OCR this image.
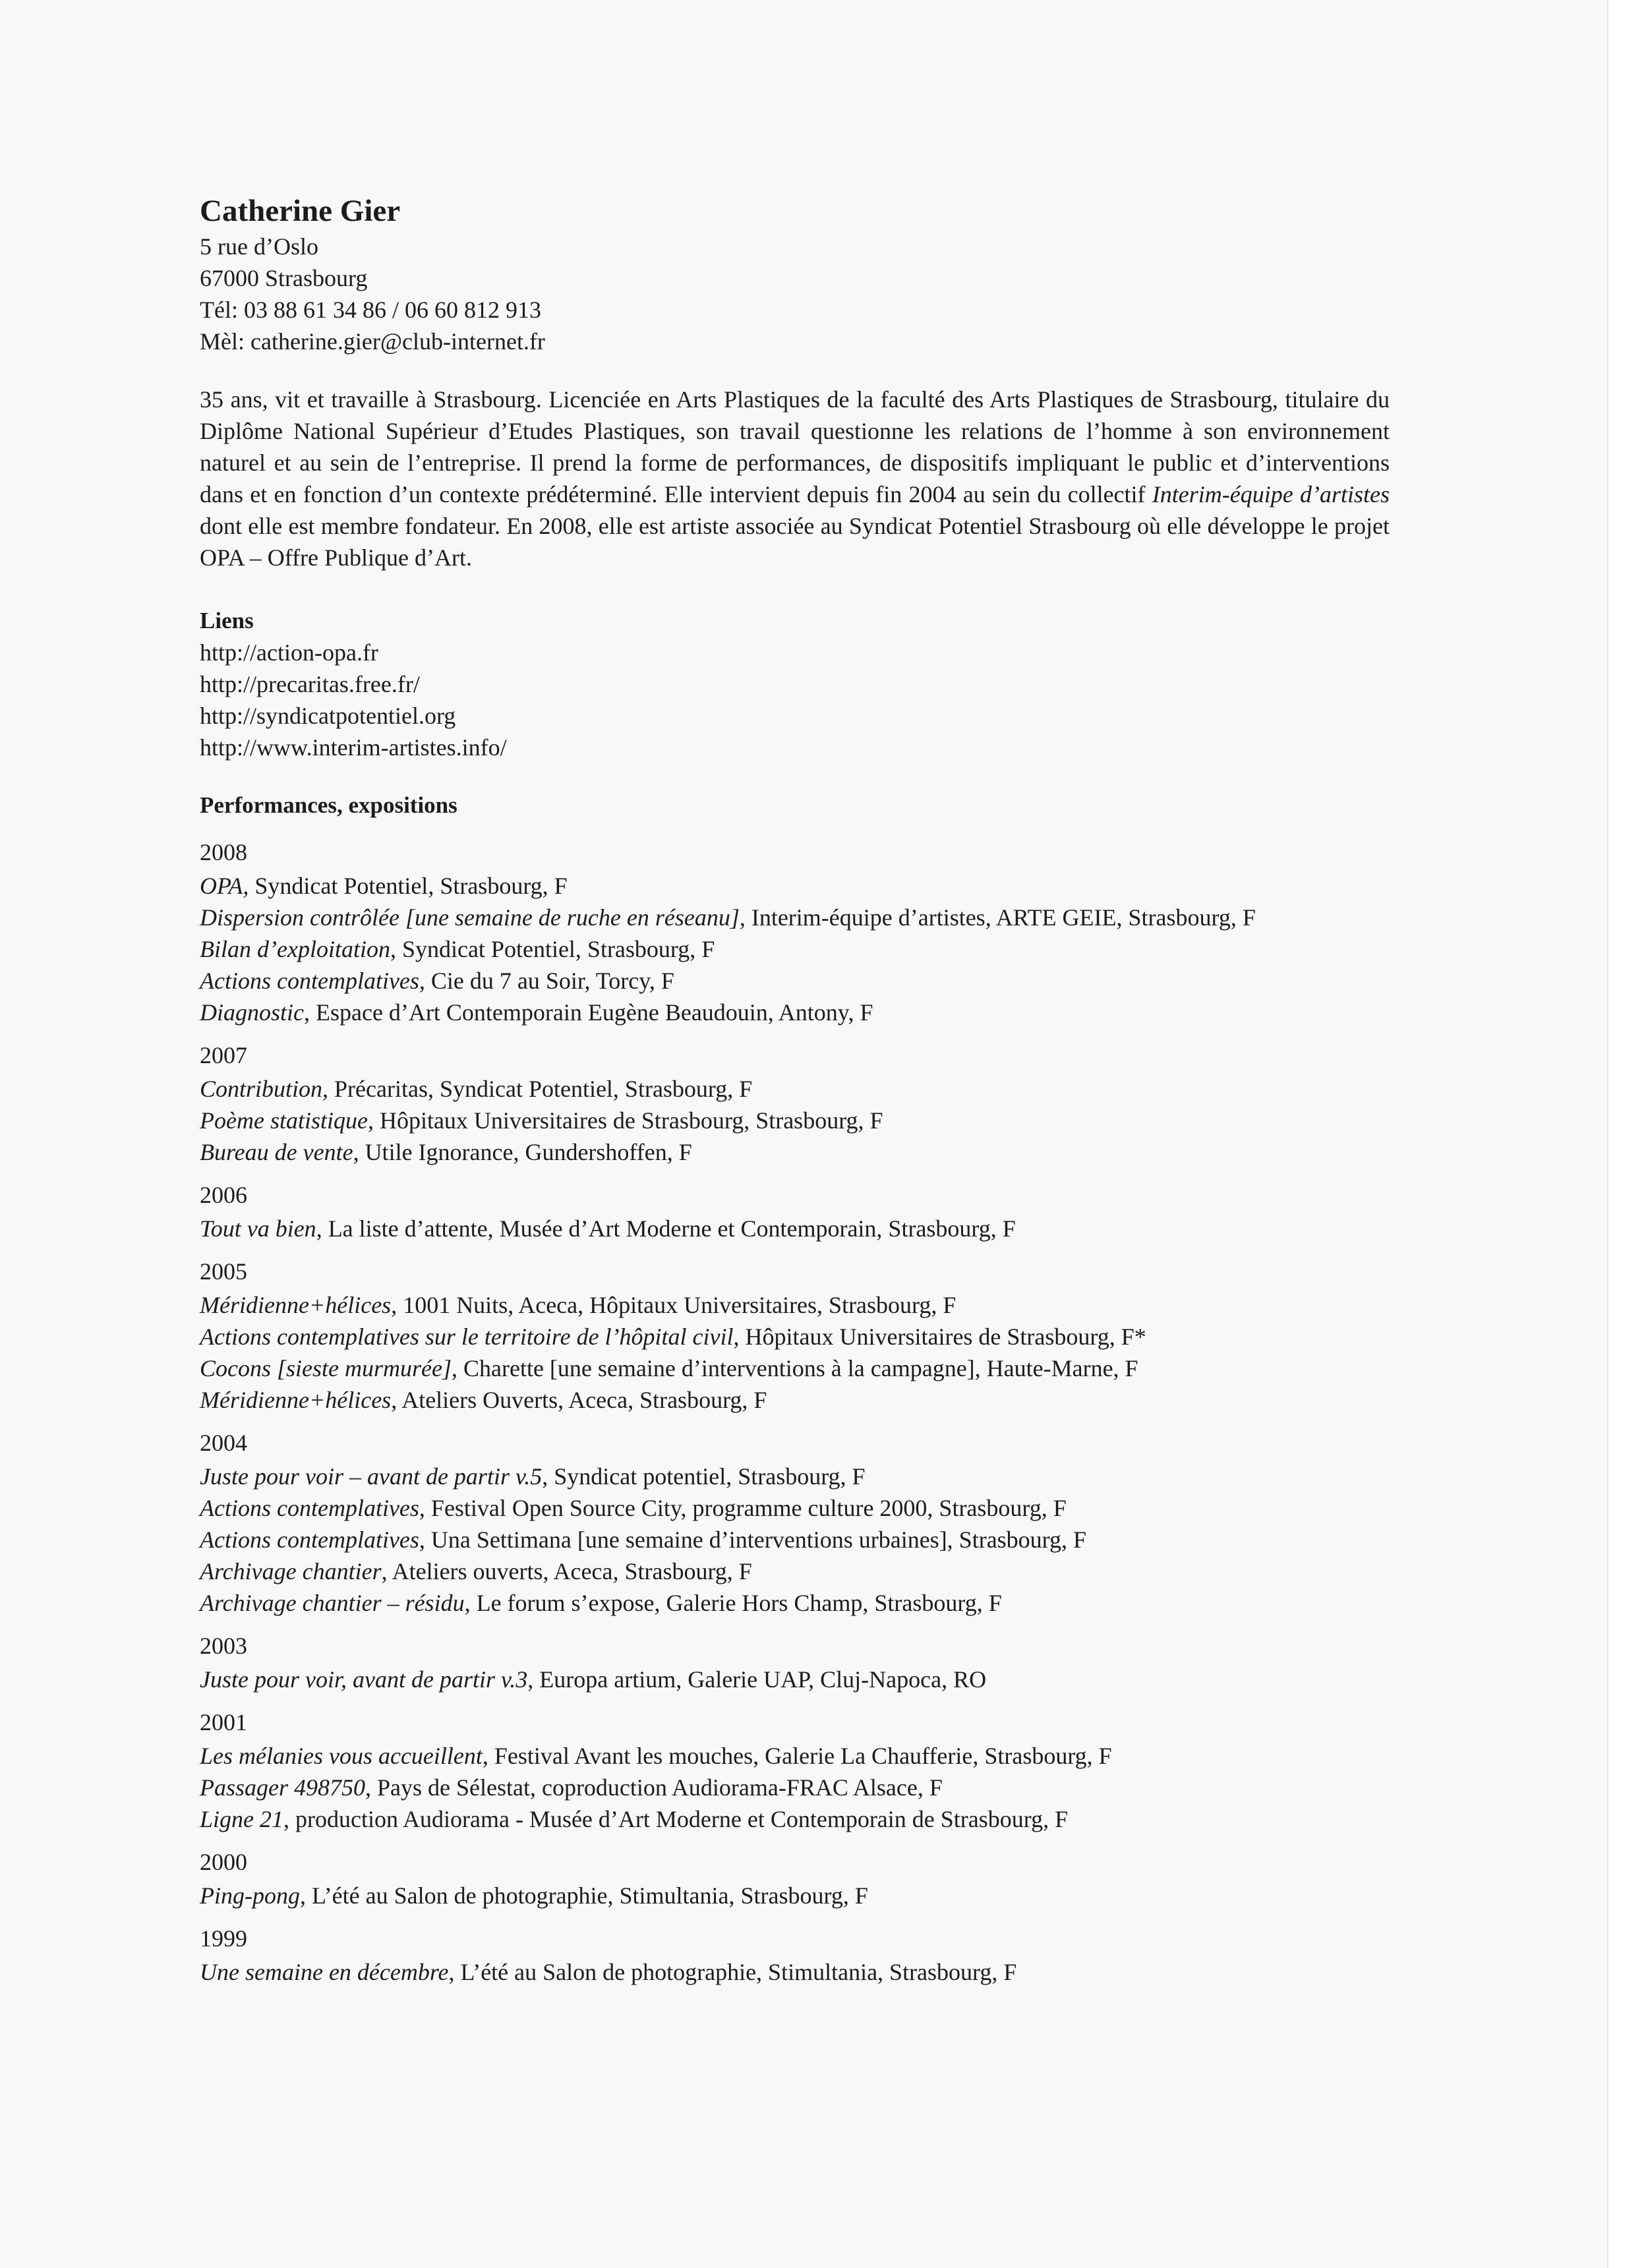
Catherine Gier
5 rue d’Oslo
67000 Strasbourg
Tél: 03 88 61 34 86 / 06 60 812 913
Mèl: catherine.gier@club-internet.fr

35 ans, vit et travaille à Strasbourg. Licenciée en Arts Plastiques de la faculté des Arts Plastiques de Strasbourg, titulaire du Diplôme National Supérieur d’Etudes Plastiques, son travail questionne les relations de l’homme à son environnement naturel et au sein de l’entreprise. Il prend la forme de performances, de dispositifs impliquant le public et d’interventions dans et en fonction d’un contexte prédéterminé. Elle intervient depuis fin 2004 au sein du collectif Interim-équipe d’artistes dont elle est membre fondateur. En 2008, elle est artiste associée au Syndicat Potentiel Strasbourg où elle développe le projet OPA – Offre Publique d’Art.

Liens
http://action-opa.fr
http://precaritas.free.fr/
http://syndicatpotentiel.org
http://www.interim-artistes.info/
Performances, expositions
2008
OPA, Syndicat Potentiel, Strasbourg, F
Dispersion contrôlée [une semaine de ruche en réseanu], Interim-équipe d’artistes, ARTE GEIE, Strasbourg, F
Bilan d’exploitation, Syndicat Potentiel, Strasbourg, F
Actions contemplatives, Cie du 7 au Soir, Torcy, F
Diagnostic, Espace d’Art Contemporain Eugène Beaudouin, Antony, F
2007
Contribution, Précaritas, Syndicat Potentiel, Strasbourg, F
Poème statistique, Hôpitaux Universitaires de Strasbourg, Strasbourg, F
Bureau de vente, Utile Ignorance, Gundershoffen, F
2006
Tout va bien, La liste d’attente, Musée d’Art Moderne et Contemporain, Strasbourg, F
2005
Méridienne+hélices, 1001 Nuits, Aceca, Hôpitaux Universitaires, Strasbourg, F
Actions contemplatives sur le territoire de l’hôpital civil, Hôpitaux Universitaires de Strasbourg, F*
Cocons [sieste murmurée], Charette [une semaine d’interventions à la campagne], Haute-Marne, F
Méridienne+hélices, Ateliers Ouverts, Aceca, Strasbourg, F
2004
Juste pour voir – avant de partir v.5, Syndicat potentiel, Strasbourg, F
Actions contemplatives, Festival Open Source City, programme culture 2000, Strasbourg, F
Actions contemplatives, Una Settimana [une semaine d’interventions urbaines], Strasbourg, F
Archivage chantier, Ateliers ouverts, Aceca, Strasbourg, F
Archivage chantier – résidu, Le forum s’expose, Galerie Hors Champ, Strasbourg, F
2003
Juste pour voir, avant de partir v.3, Europa artium, Galerie UAP, Cluj-Napoca, RO
2001
Les mélanies vous accueillent, Festival Avant les mouches, Galerie La Chaufferie, Strasbourg, F
Passager 498750, Pays de Sélestat, coproduction Audiorama-FRAC Alsace, F
Ligne 21, production Audiorama - Musée d’Art Moderne et Contemporain de Strasbourg, F
2000
Ping-pong, L’été au Salon de photographie, Stimultania, Strasbourg, F
1999
Une semaine en décembre, L’été au Salon de photographie, Stimultania, Strasbourg, F
